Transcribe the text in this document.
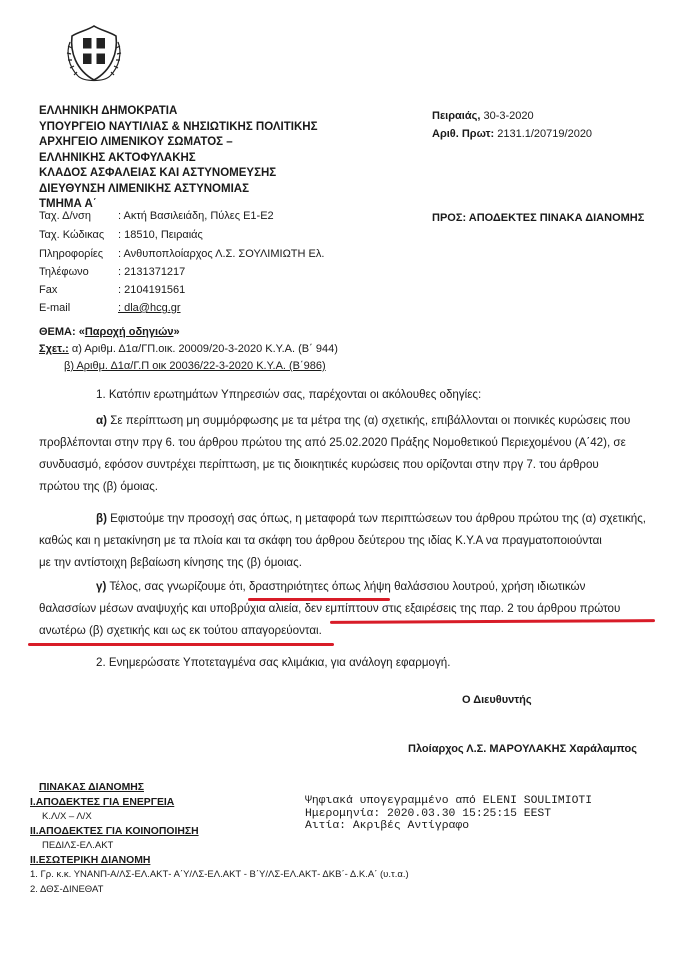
ΕΛΛΗΝΙΚΗ ΔΗΜΟΚΡΑΤΙΑ
ΥΠΟΥΡΓΕΙΟ ΝΑΥΤΙΛΙΑΣ & ΝΗΣΙΩΤΙΚΗΣ ΠΟΛΙΤΙΚΗΣ
ΑΡΧΗΓΕΙΟ ΛΙΜΕΝΙΚΟΥ ΣΩΜΑΤΟΣ –
ΕΛΛΗΝΙΚΗΣ ΑΚΤΟΦΥΛΑΚΗΣ
ΚΛΑΔΟΣ ΑΣΦΑΛΕΙΑΣ ΚΑΙ ΑΣΤΥΝΟΜΕΥΣΗΣ
ΔΙΕΥΘΥΝΣΗ ΛΙΜΕΝΙΚΗΣ ΑΣΤΥΝΟΜΙΑΣ
ΤΜΗΜΑ Α΄
Πειραιάς, 30-3-2020
Αριθ. Πρωτ: 2131.1/20719/2020
ΠΡΟΣ: ΑΠΟΔΕΚΤΕΣ ΠΙΝΑΚΑ ΔΙΑΝΟΜΗΣ
Ταχ. Δ/νση : Ακτή Βασιλειάδη, Πύλες Ε1-Ε2
Ταχ. Κώδικας : 18510, Πειραιάς
Πληροφορίες : Ανθυποπλοίαρχος Λ.Σ. ΣΟΥΛΙΜΙΩΤΗ Ελ.
Τηλέφωνο	: 2131371217
Fax	: 2104191561
E-mail	: dla@hcg.gr
ΘΕΜΑ: «Παροχή οδηγιών»
Σχετ.: α) Αριθμ. Δ1α/ΓΠ.οικ. 20009/20-3-2020 Κ.Υ.Α. (Β΄ 944)
β) Αριθμ. Δ1α/Γ.Π οικ 20036/22-3-2020 Κ.Υ.Α. (Β΄986)
1. Κατόπιν ερωτημάτων Υπηρεσιών σας, παρέχονται οι ακόλουθες οδηγίες:
α) Σε περίπτωση μη συμμόρφωσης με τα μέτρα της (α) σχετικής, επιβάλλονται οι ποινικές κυρώσεις που
προβλέπονται στην πργ 6. του άρθρου πρώτου της από 25.02.2020 Πράξης Νομοθετικού Περιεχομένου (Α΄42), σε
συνδυασμό, εφόσον συντρέχει περίπτωση, με τις διοικητικές κυρώσεις που ορίζονται στην πργ 7. του άρθρου
πρώτου της (β) όμοιας.
β) Εφιστούμε την προσοχή σας όπως, η μεταφορά των περιπτώσεων του άρθρου πρώτου της (α) σχετικής,
καθώς και η μετακίνηση με τα πλοία και τα σκάφη του άρθρου δεύτερου της ιδίας Κ.Υ.Α να πραγματοποιούνται
με την αντίστοιχη βεβαίωση κίνησης της (β) όμοιας.
γ) Τέλος, σας γνωρίζουμε ότι, δραστηριότητες όπως λήψη θαλάσσιου λουτρού, χρήση ιδιωτικών
θαλασσίων μέσων αναψυχής και υποβρύχια αλιεία, δεν εμπίπτουν στις εξαιρέσεις της παρ. 2 του άρθρου πρώτου
ανωτέρω (β) σχετικής και ως εκ τούτου απαγορεύονται.
2. Ενημερώσατε Υποτεταγμένα σας κλιμάκια, για ανάλογη εφαρμογή.
Ο Διευθυντής
Πλοίαρχος Λ.Σ. ΜΑΡΟΥΛΑΚΗΣ Χαράλαμπος
Ψηφιακά υπογεγραμμένο από ELENI SOULIMIOTI
Ημερομηνία: 2020.03.30 15:25:15 EEST
Αιτία: Ακριβές Αντίγραφο
ΠΙΝΑΚΑΣ ΔΙΑΝΟΜΗΣ
Ι.ΑΠΟΔΕΚΤΕΣ ΓΙΑ ΕΝΕΡΓΕΙΑ
Κ.Λ/Χ – Λ/Χ
ΙΙ.ΑΠΟΔΕΚΤΕΣ ΓΙΑ ΚΟΙΝΟΠΟΙΗΣΗ
ΠΕΔΙΛΣ-ΕΛ.ΑΚΤ
ΙΙ.ΕΣΩΤΕΡΙΚΗ ΔΙΑΝΟΜΗ
1. Γρ. κ.κ. ΥΝΑΝΠ-Α/ΛΣ-ΕΛ.ΑΚΤ- Α΄Υ/ΛΣ-ΕΛ.ΑΚΤ - Β΄Υ/ΛΣ-ΕΛ.ΑΚΤ- ΔΚΒ΄- Δ.Κ.Α΄ (υ.τ.α.)
2. ΔΘΣ-ΔΙΝΕΘΑΤ
